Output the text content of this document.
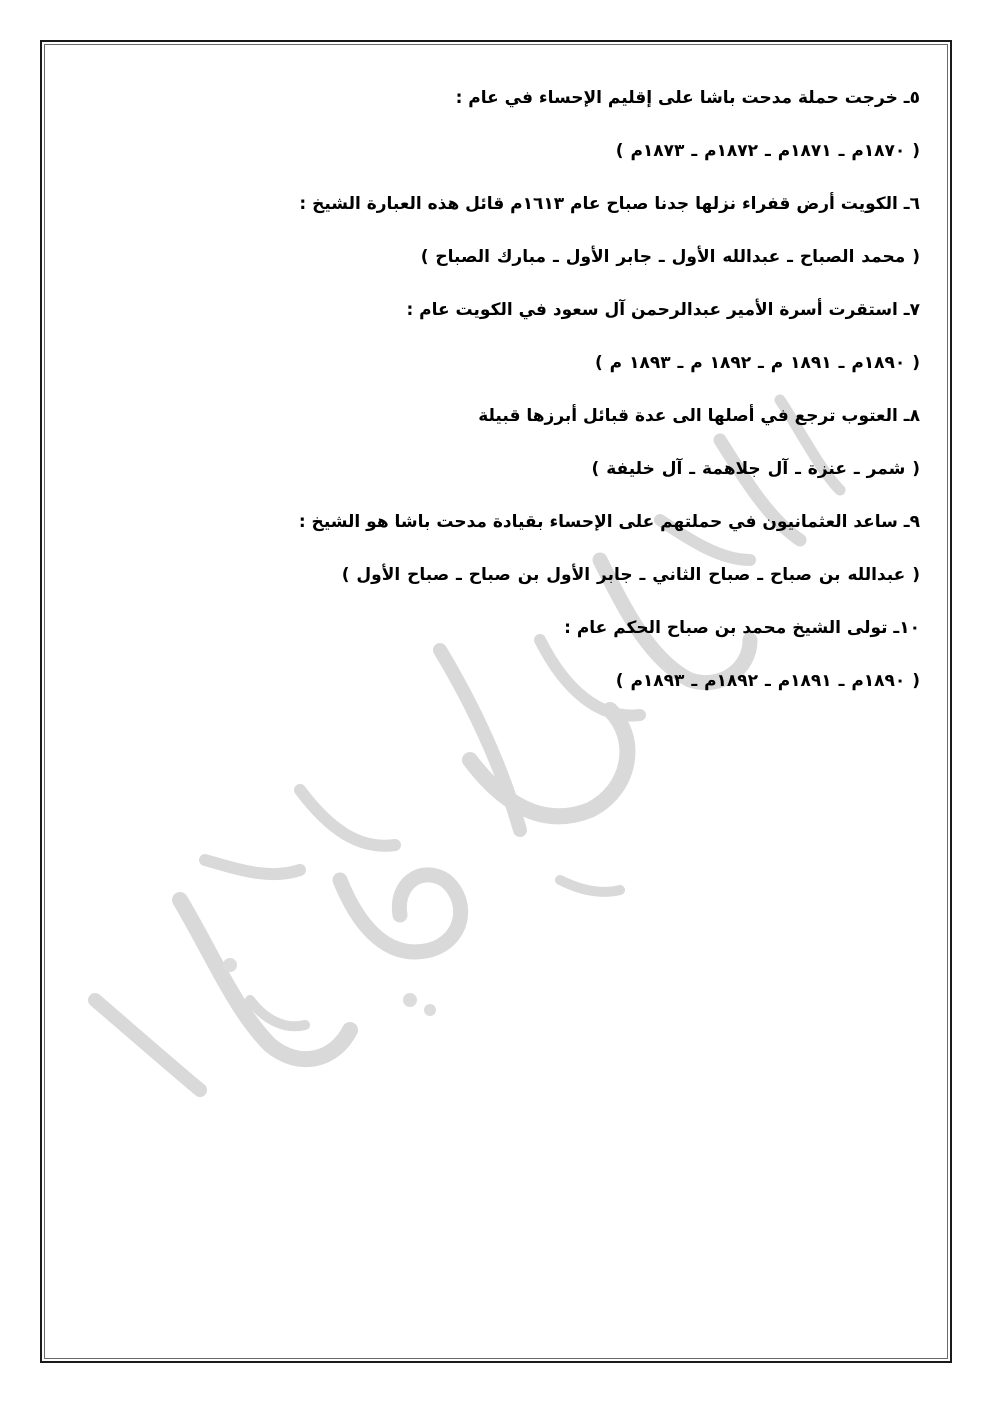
٥ـ خرجت حملة مدحت باشا على إقليم الإحساء في عام :
( ١٨٧٠م ـ ١٨٧١م ـ ١٨٧٢م ـ ١٨٧٣م )
٦ـ الكويت أرض قفراء نزلها جدنا صباح عام ١٦١٣م قائل هذه العبارة الشيخ :
( محمد الصباح ـ عبدالله الأول ـ جابر الأول ـ مبارك الصباح )
٧ـ استقرت أسرة الأمير عبدالرحمن آل سعود في الكويت عام :
( ١٨٩٠م ـ ١٨٩١ م ـ ١٨٩٢ م ـ ١٨٩٣ م )
٨ـ العتوب ترجع في أصلها الى عدة قبائل أبرزها قبيلة
( شمر ـ عنزة ـ آل جلاهمة ـ آل خليفة )
٩ـ ساعد العثمانيون في حملتهم على الإحساء بقيادة مدحت باشا هو الشيخ :
( عبدالله بن صباح ـ صباح الثاني ـ جابر الأول بن صباح ـ صباح الأول )
١٠ـ تولى الشيخ محمد بن صباح الحكم عام :
( ١٨٩٠م ـ ١٨٩١م ـ ١٨٩٢م ـ ١٨٩٣م )
